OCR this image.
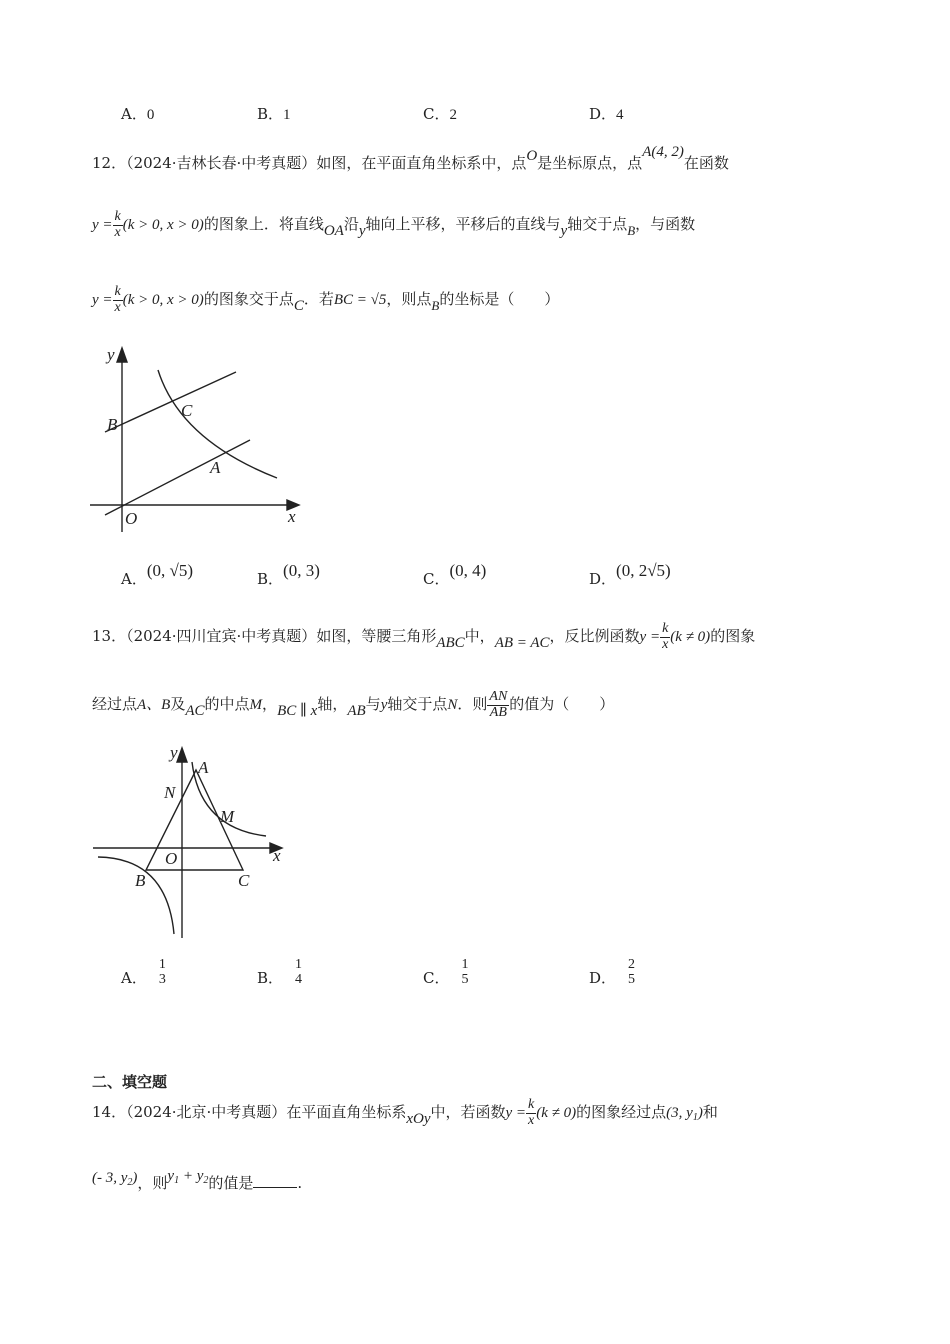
A．0	B．1	C．2	D．4
12．（2024·吉林长春·中考真题）如图，在平面直角坐标系中，点O是坐标原点，点A(4, 2)在函数
$y = \frac{k}{x} (k > 0$, x > 0)的图象上．将直线OA沿y轴向上平移，平移后的直线与y轴交于点B，与函数
$y = \frac{k}{x} (k > 0$, x > 0)的图象交于点C．若BC = √5，则点B的坐标是（　　）
y
B
C
A
O	x
A．(0, √5)	B．(0, 3)	C．(0, 4)	D．(0, 2√5)
13．（2024·四川宜宾·中考真题）如图，等腰三角形ABC中，AB = AC，反比例函数$y = \frac{k}{x} (k \ne 0)$的图象
经过点A、B及AC的中点M，BC ∥ x轴，AB与y轴交于点N．则 $\frac{AN}{AB}$ 的值为（　　）
y
A
N
M
O	x
B	C
A．
1
3	B．
1
4	C．
1
5	D．
2
5
二、填空题
14．（2024·北京·中考真题）在平面直角坐标系xOy中，若函数$y = \frac{k}{x} (k \ne 0)$的图象经过点(3, $y_1$)和
(- 3, $y_2$)，则$y_1 + y_2$的值是	.
